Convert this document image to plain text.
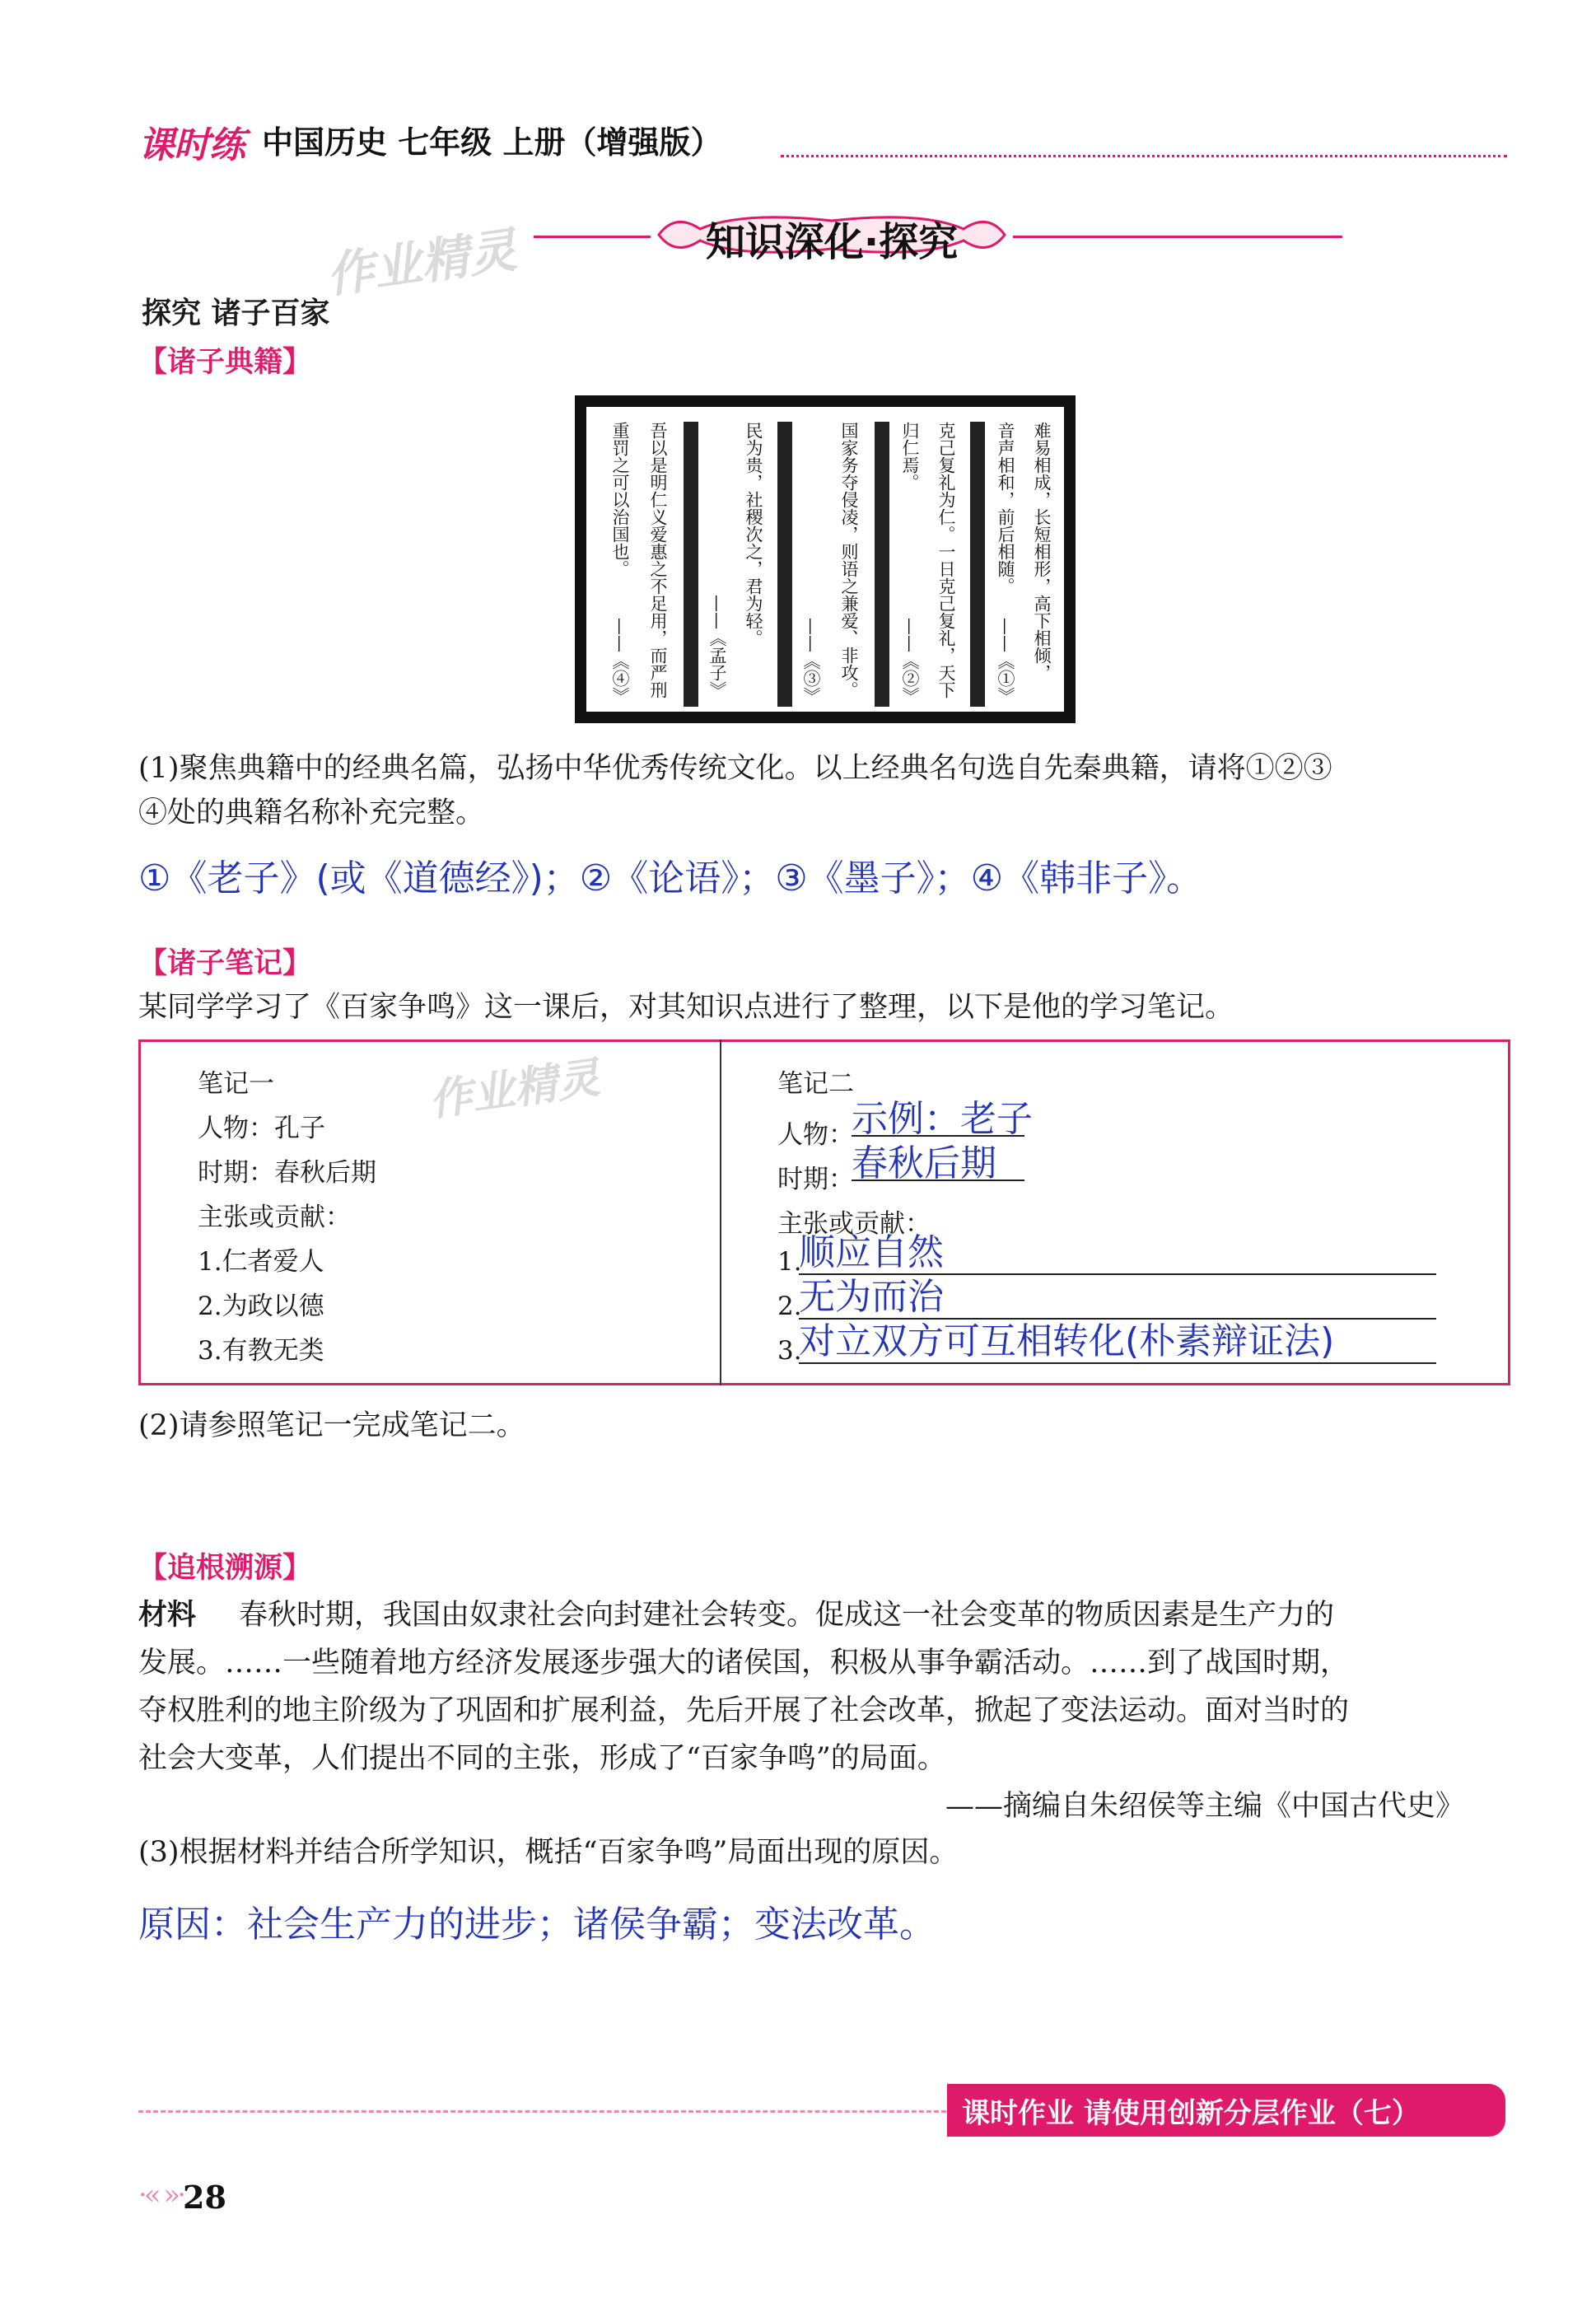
课时练 中国历史 七年级 上册（增强版）
知识深化·探究
作业精灵
探究 诸子百家
【诸子典籍】
难易相成，长短相形，高下相倾，
音声相和，前后相随。
——《①》
克己复礼为仁。一日克己复礼，天下
归仁焉。
——《②》
国家务夺侵凌，则语之兼爱、非攻。
——《③》
民为贵，社稷次之，君为轻。
——《孟子》
吾以是明仁义爱惠之不足用，而严刑
重罚之可以治国也。
——《④》
(1)聚焦典籍中的经典名篇，弘扬中华优秀传统文化。以上经典名句选自先秦典籍，请将①②③
④处的典籍名称补充完整。
①《老子》(或《道德经》)；②《论语》；③《墨子》；④《韩非子》。
【诸子笔记】
某同学学习了《百家争鸣》这一课后，对其知识点进行了整理，以下是他的学习笔记。
作业精灵
笔记一
人物：孔子
时期：春秋后期
主张或贡献：
1.仁者爱人
2.为政以德
3.有教无类
笔记二
人物：
示例：老子
时期：
春秋后期
主张或贡献：
1.
顺应自然
2.
无为而治
3.
对立双方可互相转化(朴素辩证法)
(2)请参照笔记一完成笔记二。
【追根溯源】
材料 春秋时期，我国由奴隶社会向封建社会转变。促成这一社会变革的物质因素是生产力的
发展。……一些随着地方经济发展逐步强大的诸侯国，积极从事争霸活动。……到了战国时期，
夺权胜利的地主阶级为了巩固和扩展利益，先后开展了社会改革，掀起了变法运动。面对当时的
社会大变革，人们提出不同的主张，形成了“百家争鸣”的局面。
——摘编自朱绍侯等主编《中国古代史》
(3)根据材料并结合所学知识，概括“百家争鸣”局面出现的原因。
原因：社会生产力的进步；诸侯争霸；变法改革。
课时作业 请使用创新分层作业（七）
·« »· 28
